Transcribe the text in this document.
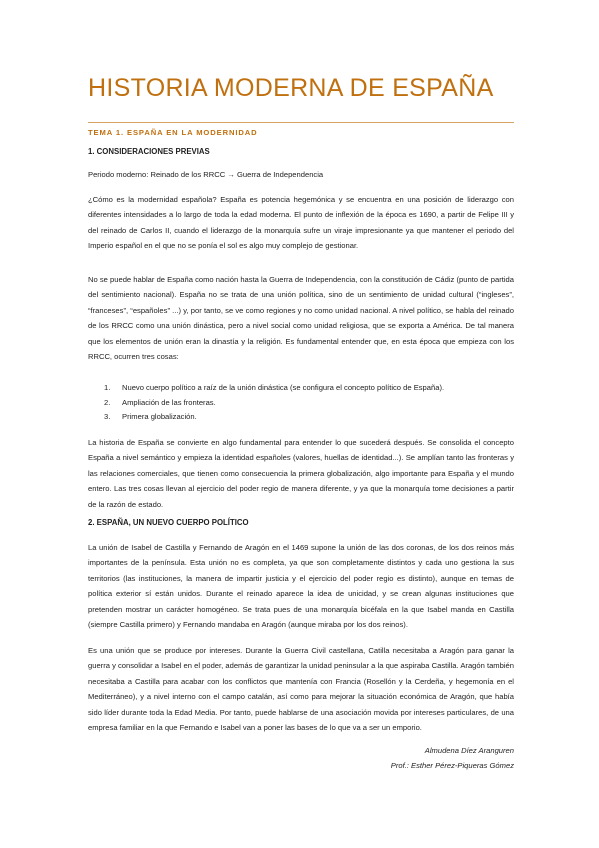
HISTORIA MODERNA DE ESPAÑA
TEMA 1. ESPAÑA EN LA MODERNIDAD
1. CONSIDERACIONES PREVIAS
Periodo moderno: Reinado de los RRCC → Guerra de Independencia

¿Cómo es la modernidad española? España es potencia hegemónica y se encuentra en una posición de liderazgo con diferentes intensidades a lo largo de toda la edad moderna. El punto de inflexión de la época es 1690, a partir de Felipe III y del reinado de Carlos II, cuando el liderazgo de la monarquía sufre un viraje impresionante ya que mantener el periodo del Imperio español en el que no se ponía el sol es algo muy complejo de gestionar.

No se puede hablar de España como nación hasta la Guerra de Independencia, con la constitución de Cádiz (punto de partida del sentimiento nacional). España no se trata de una unión política, sino de un sentimiento de unidad cultural (“ingleses”, “franceses”, “españoles” ...) y, por tanto, se ve como regiones y no como unidad nacional. A nivel político, se habla del reinado de los RRCC como una unión dinástica, pero a nivel social como unidad religiosa, que se exporta a América. De tal manera que los elementos de unión eran la dinastía y la religión. Es fundamental entender que, en esta época que empieza con los RRCC, ocurren tres cosas:

1. Nuevo cuerpo político a raíz de la unión dinástica (se configura el concepto político de España).
2. Ampliación de las fronteras.
3. Primera globalización.

La historia de España se convierte en algo fundamental para entender lo que sucederá después. Se consolida el concepto España a nivel semántico y empieza la identidad españoles (valores, huellas de identidad...). Se amplían tanto las fronteras y las relaciones comerciales, que tienen como consecuencia la primera globalización, algo importante para España y el mundo entero. Las tres cosas llevan al ejercicio del poder regio de manera diferente, y ya que la monarquía tome decisiones a partir de la razón de estado.

2. ESPAÑA, UN NUEVO CUERPO POLÍTICO

La unión de Isabel de Castilla y Fernando de Aragón en el 1469 supone la unión de las dos coronas, de los dos reinos más importantes de la península. Esta unión no es completa, ya que son completamente distintos y cada uno gestiona la sus territorios (las instituciones, la manera de impartir justicia y el ejercicio del poder regio es distinto), aunque en temas de política exterior sí están unidos. Durante el reinado aparece la idea de unicidad, y se crean algunas instituciones que pretenden mostrar un carácter homogéneo. Se trata pues de una monarquía bicéfala en la que Isabel manda en Castilla (siempre Castilla primero) y Fernando mandaba en Aragón (aunque miraba por los dos reinos).

Es una unión que se produce por intereses. Durante la Guerra Civil castellana, Catilla necesitaba a Aragón para ganar la guerra y consolidar a Isabel en el poder, además de garantizar la unidad peninsular a la que aspiraba Castilla. Aragón también necesitaba a Castilla para acabar con los conflictos que mantenía con Francia (Rosellón y la Cerdeña, y hegemonía en el Mediterráneo), y a nivel interno con el campo catalán, así como para mejorar la situación económica de Aragón, que había sido líder durante toda la Edad Media. Por tanto, puede hablarse de una asociación movida por intereses particulares, de una empresa familiar en la que Fernando e Isabel van a poner las bases de lo que va a ser un emporio.

Almudena Díez Aranguren
Prof.: Esther Pérez-Piqueras Gómez
